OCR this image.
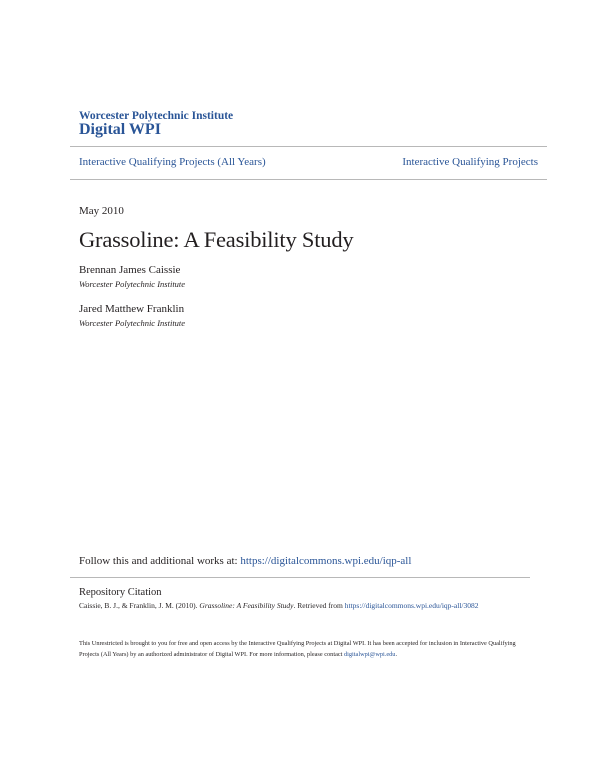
Worcester Polytechnic Institute
Digital WPI
Interactive Qualifying Projects (All Years)	Interactive Qualifying Projects
May 2010
Grassoline: A Feasibility Study
Brennan James Caissie
Worcester Polytechnic Institute
Jared Matthew Franklin
Worcester Polytechnic Institute
Follow this and additional works at: https://digitalcommons.wpi.edu/iqp-all
Repository Citation
Caissie, B. J., & Franklin, J. M. (2010). Grassoline: A Feasibility Study. Retrieved from https://digitalcommons.wpi.edu/iqp-all/3082
This Unrestricted is brought to you for free and open access by the Interactive Qualifying Projects at Digital WPI. It has been accepted for inclusion in Interactive Qualifying Projects (All Years) by an authorized administrator of Digital WPI. For more information, please contact digitalwpi@wpi.edu.
